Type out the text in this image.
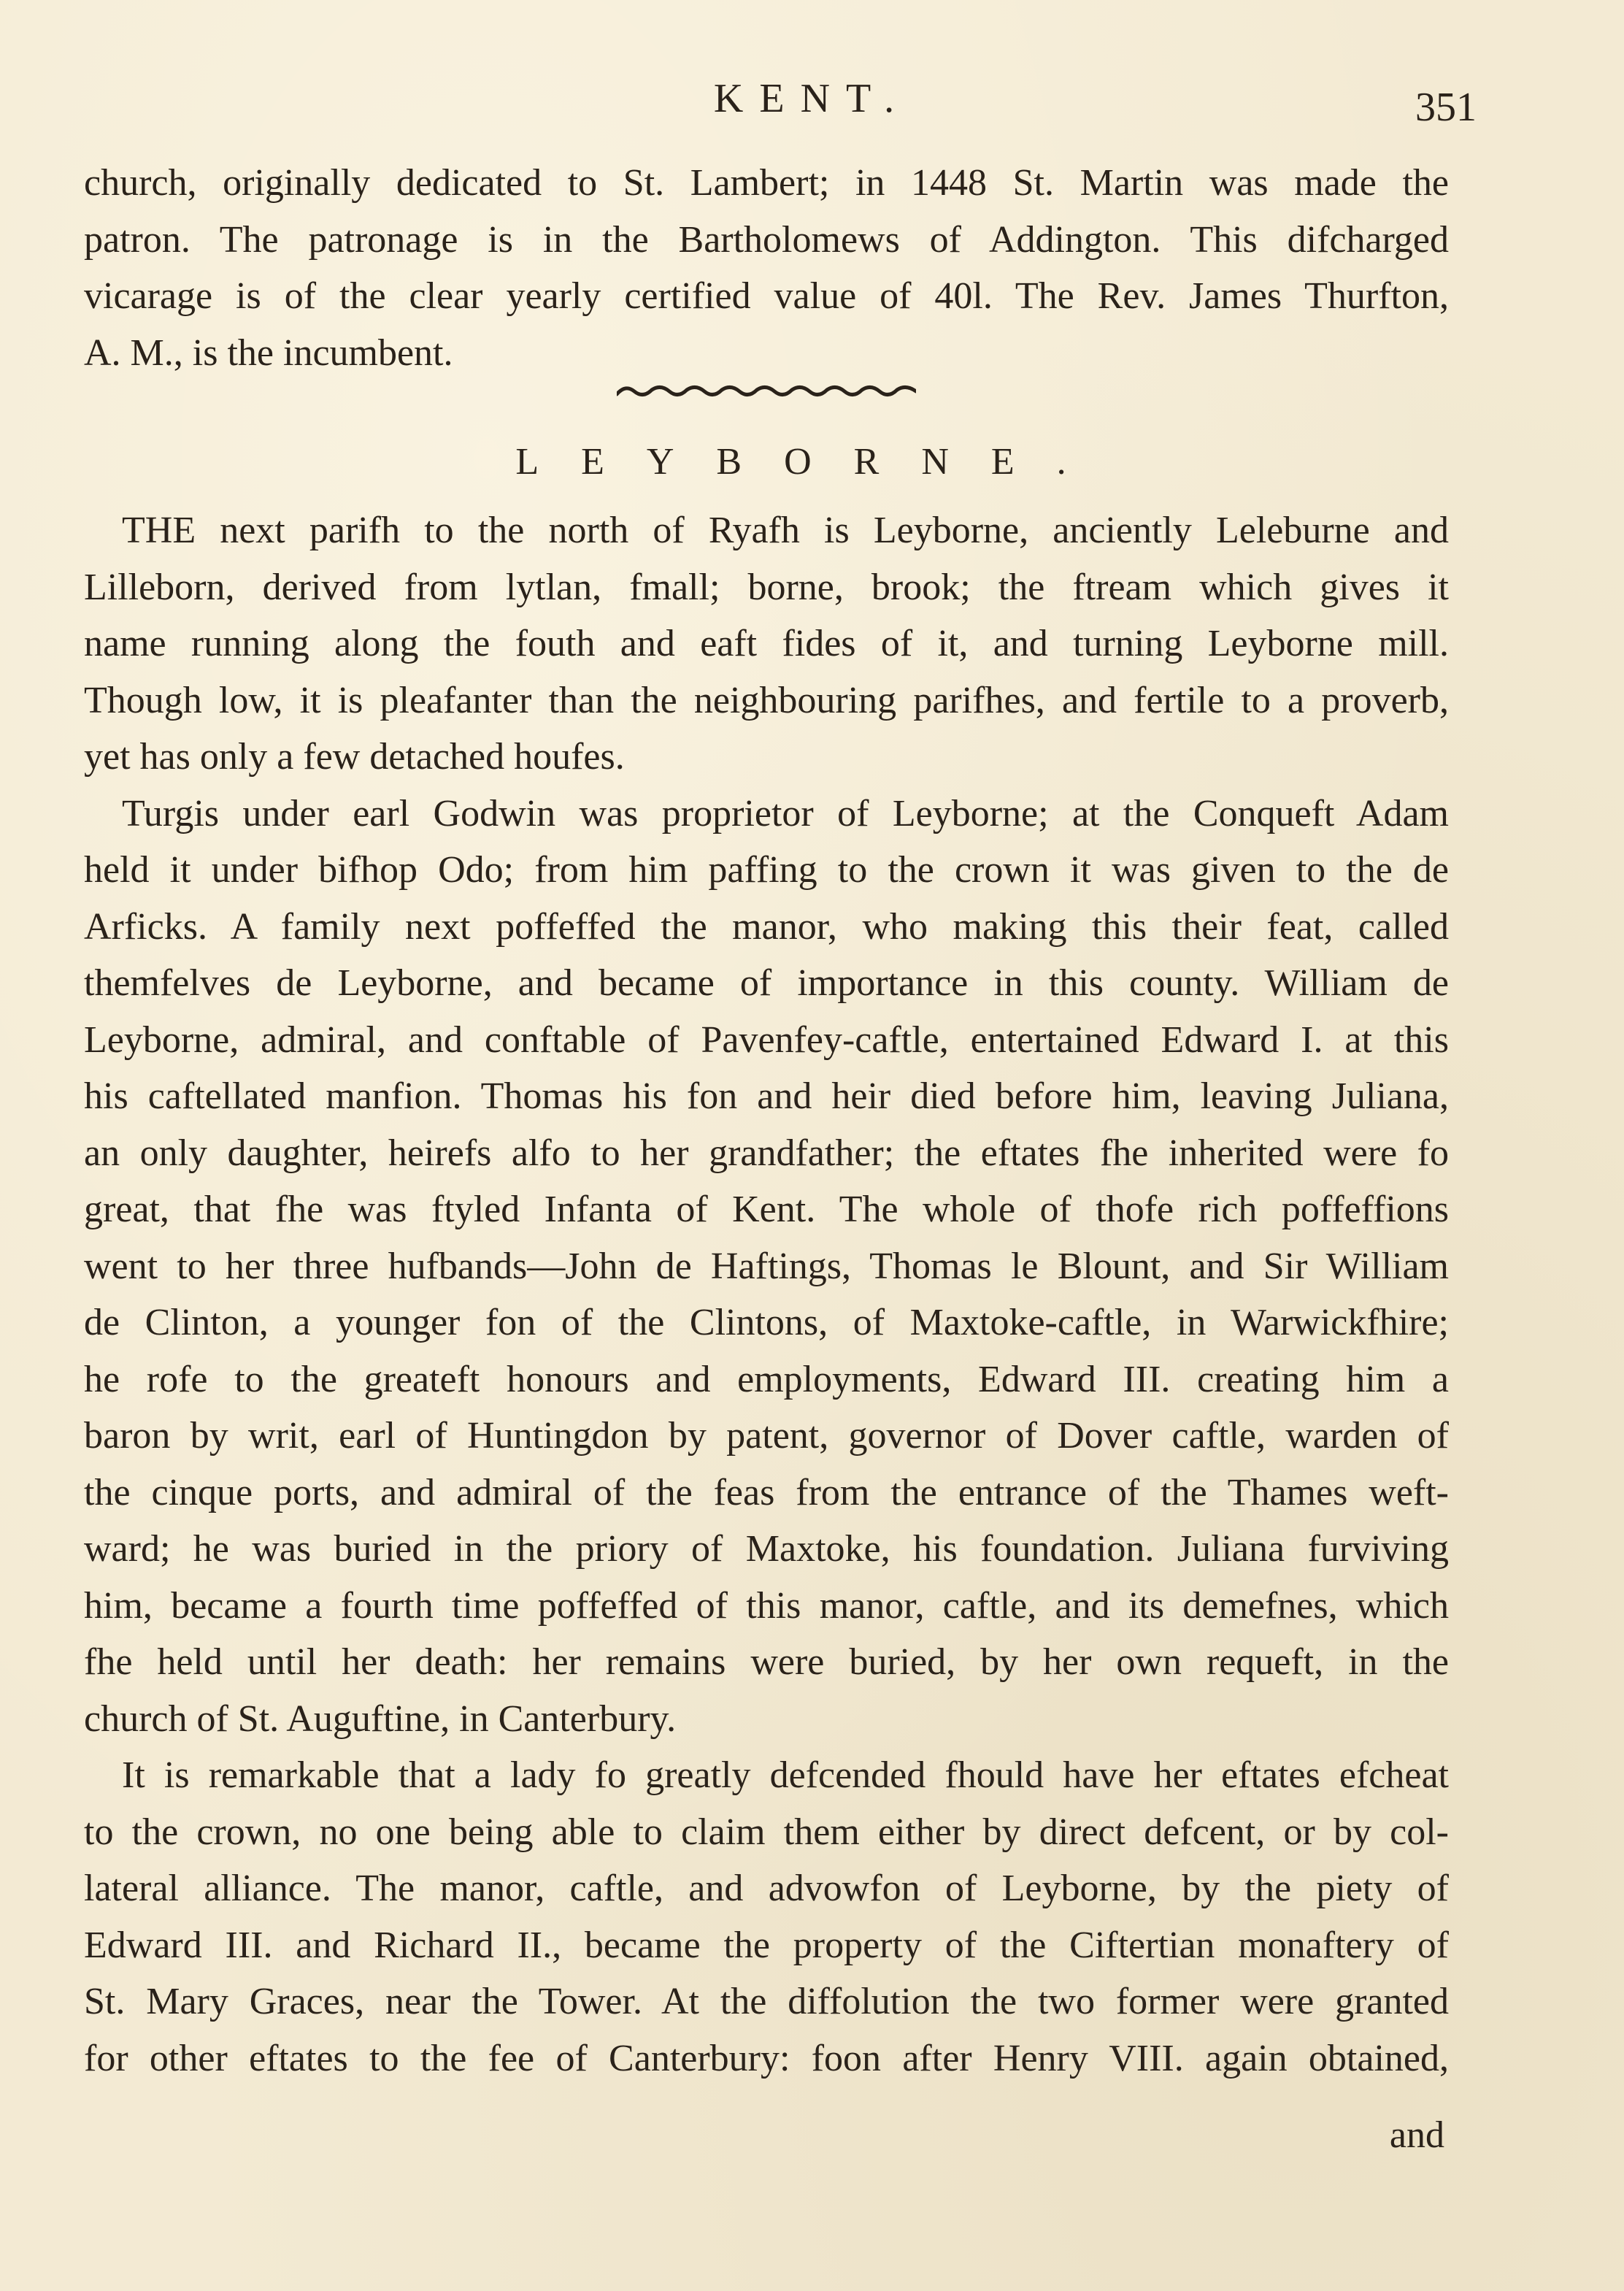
KENT.	351
church, originally dedicated to St. Lambert; in 1448 St. Martin was made the
patron. The patronage is in the Bartholomews of Addington. This difcharged
vicarage is of the clear yearly certified value of 40l. The Rev. James Thurfton,
A. M., is the incumbent.
LEYBORNE.
THE next parifh to the north of Ryafh is Leyborne, anciently Leleburne and
Lilleborn, derived from lytlan, fmall; borne, brook; the ftream which gives it
name running along the fouth and eaft fides of it, and turning Leyborne mill.
Though low, it is pleafanter than the neighbouring parifhes, and fertile to a proverb,
yet has only a few detached houfes.
Turgis under earl Godwin was proprietor of Leyborne; at the Conqueft Adam
held it under bifhop Odo; from him paffing to the crown it was given to the de
Arficks. A family next poffeffed the manor, who making this their feat, called
themfelves de Leyborne, and became of importance in this county. William de
Leyborne, admiral, and conftable of Pavenfey-caftle, entertained Edward I. at this
his caftellated manfion. Thomas his fon and heir died before him, leaving Juliana,
an only daughter, heirefs alfo to her grandfather; the eftates fhe inherited were fo
great, that fhe was ftyled Infanta of Kent. The whole of thofe rich poffeffions
went to her three hufbands—John de Haftings, Thomas le Blount, and Sir William
de Clinton, a younger fon of the Clintons, of Maxtoke-caftle, in Warwickfhire;
he rofe to the greateft honours and employments, Edward III. creating him a
baron by writ, earl of Huntingdon by patent, governor of Dover caftle, warden of
the cinque ports, and admiral of the feas from the entrance of the Thames weft-
ward; he was buried in the priory of Maxtoke, his foundation. Juliana furviving
him, became a fourth time poffeffed of this manor, caftle, and its demefnes, which
fhe held until her death: her remains were buried, by her own requeft, in the
church of St. Auguftine, in Canterbury.
It is remarkable that a lady fo greatly defcended fhould have her eftates efcheat
to the crown, no one being able to claim them either by direct defcent, or by col-
lateral alliance. The manor, caftle, and advowfon of Leyborne, by the piety of
Edward III. and Richard II., became the property of the Ciftertian monaftery of
St. Mary Graces, near the Tower. At the diffolution the two former were granted
for other eftates to the fee of Canterbury: foon after Henry VIII. again obtained,
and
